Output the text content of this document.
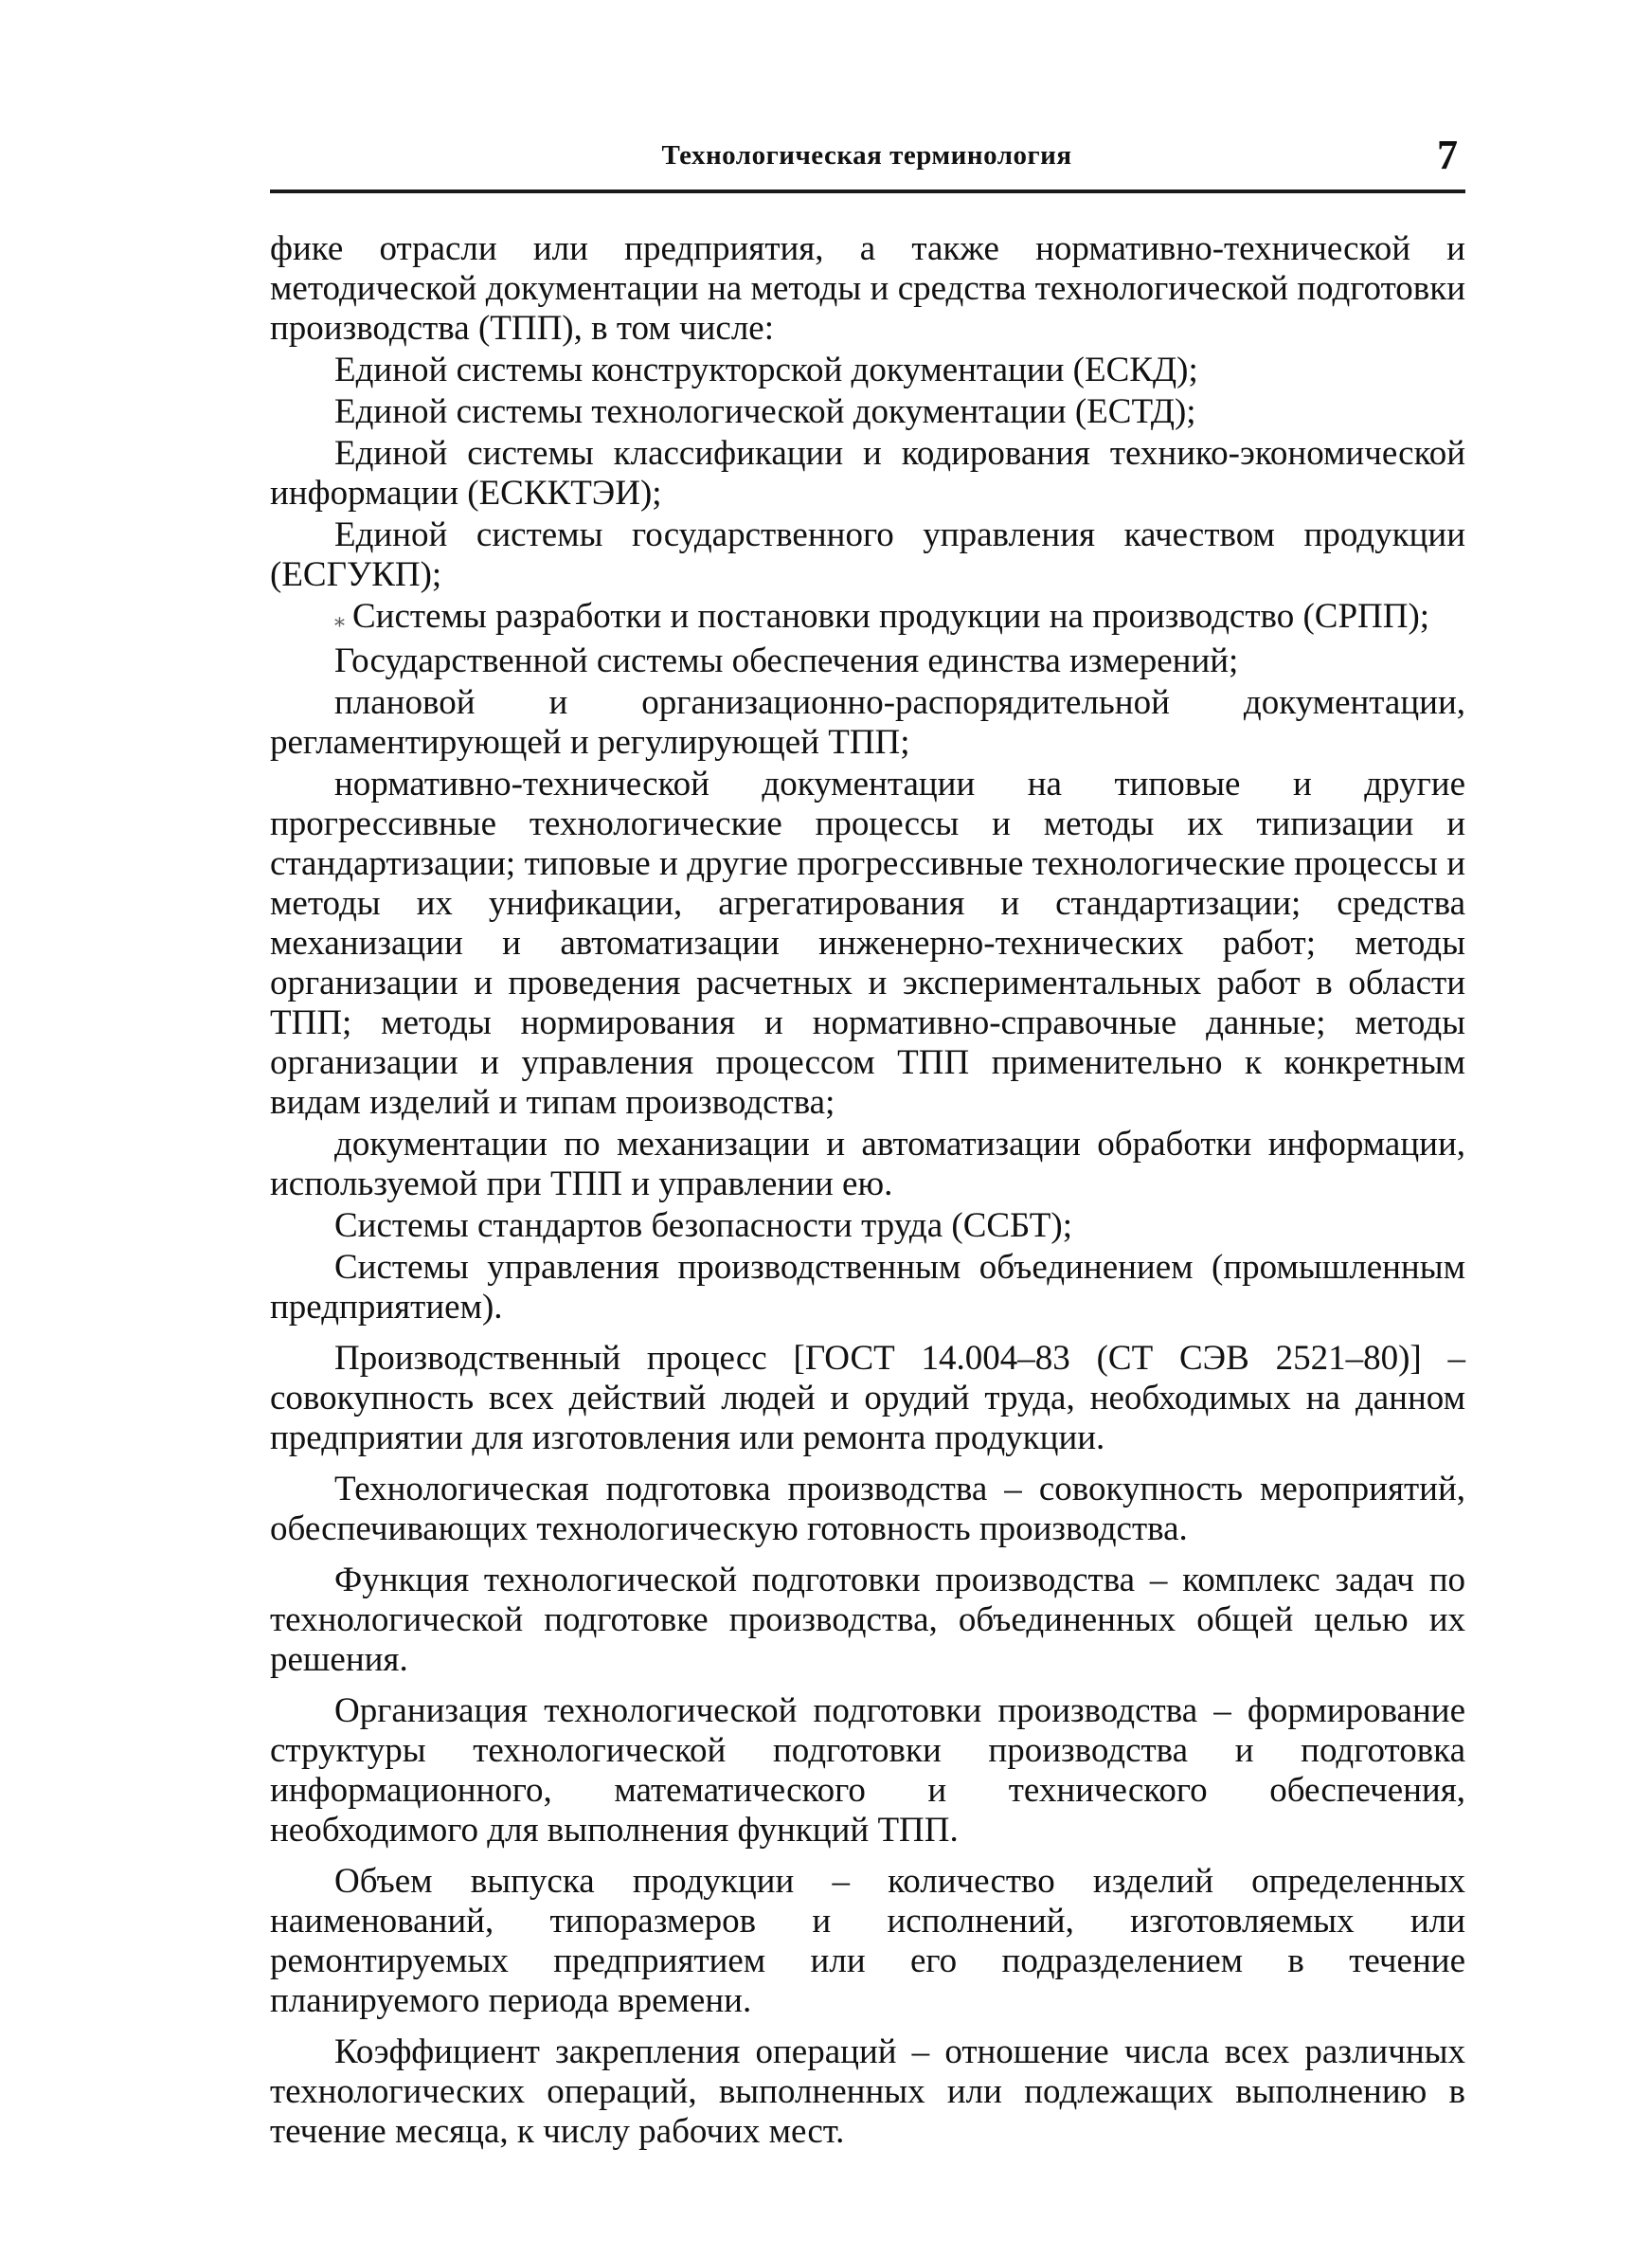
Технологическая терминология	7

фике отрасли или предприятия, а также нормативно-технической и методической документации на методы и средства технологической подготовки производства (ТПП), в том числе:

Единой системы конструкторской документации (ЕСКД);

Единой системы технологической документации (ЕСТД);

Единой системы классификации и кодирования технико-экономической информации (ЕСККТЭИ);

Единой системы государственного управления качеством продукции (ЕСГУКП);

⁎ Системы разработки и постановки продукции на производство (СРПП);

Государственной системы обеспечения единства измерений;

плановой и организационно-распорядительной документации, регламентирующей и регулирующей ТПП;

нормативно-технической документации на типовые и другие прогрессивные технологические процессы и методы их типизации и стандартизации; типовые и другие прогрессивные технологические процессы и методы их унификации, агрегатирования и стандартизации; средства механизации и автоматизации инженерно-технических работ; методы организации и проведения расчетных и экспериментальных работ в области ТПП; методы нормирования и нормативно-справочные данные; методы организации и управления процессом ТПП применительно к конкретным видам изделий и типам производства;

документации по механизации и автоматизации обработки информации, используемой при ТПП и управлении ею.

Системы стандартов безопасности труда (ССБТ);

Системы управления производственным объединением (промышленным предприятием).

Производственный процесс [ГОСТ 14.004–83 (СТ СЭВ 2521–80)] – совокупность всех действий людей и орудий труда, необходимых на данном предприятии для изготовления или ремонта продукции.

Технологическая подготовка производства – совокупность мероприятий, обеспечивающих технологическую готовность производства.

Функция технологической подготовки производства – комплекс задач по технологической подготовке производства, объединенных общей целью их решения.

Организация технологической подготовки производства – формирование структуры технологической подготовки производства и подготовка информационного, математического и технического обеспечения, необходимого для выполнения функций ТПП.

Объем выпуска продукции – количество изделий определенных наименований, типоразмеров и исполнений, изготовляемых или ремонтируемых предприятием или его подразделением в течение планируемого периода времени.

Коэффициент закрепления операций – отношение числа всех различных технологических операций, выполненных или подлежащих выполнению в течение месяца, к числу рабочих мест.
